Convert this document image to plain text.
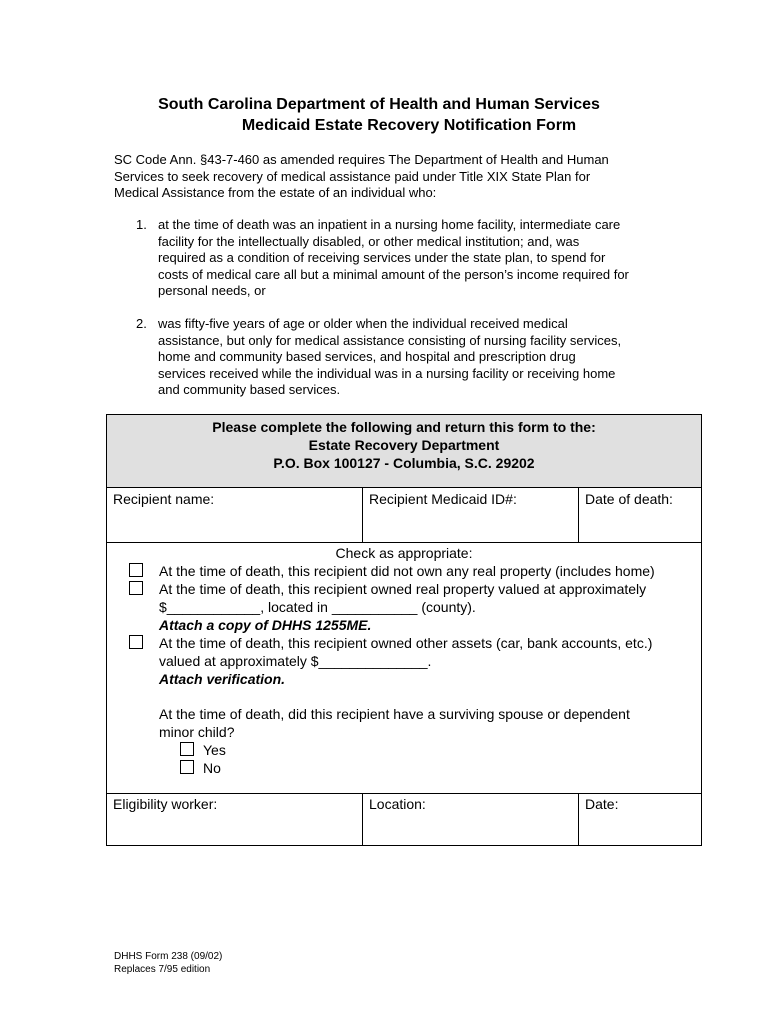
South Carolina Department of Health and Human Services
Medicaid Estate Recovery Notification Form
SC Code Ann. §43-7-460 as amended requires The Department of Health and Human
Services to seek recovery of medical assistance paid under Title XIX State Plan for
Medical Assistance from the estate of an individual who:
1. at the time of death was an inpatient in a nursing home facility, intermediate care
facility for the intellectually disabled, or other medical institution; and, was
required as a condition of receiving services under the state plan, to spend for
costs of medical care all but a minimal amount of the person’s income required for
personal needs, or
2. was fifty-five years of age or older when the individual received medical
assistance, but only for medical assistance consisting of nursing facility services,
home and community based services, and hospital and prescription drug
services received while the individual was in a nursing facility or receiving home
and community based services.
Please complete the following and return this form to the:
Estate Recovery Department
P.O. Box 100127 - Columbia, S.C. 29202
Recipient name:	Recipient Medicaid ID#:	Date of death:
Check as appropriate:
At the time of death, this recipient did not own any real property (includes home)
At the time of death, this recipient owned real property valued at approximately
$____________, located in ___________ (county).
Attach a copy of DHHS 1255ME.
At the time of death, this recipient owned other assets (car, bank accounts, etc.)
valued at approximately $______________.
Attach verification.
At the time of death, did this recipient have a surviving spouse or dependent
minor child?
Yes
No
Eligibility worker:	Location:	Date:
DHHS Form 238 (09/02)
Replaces 7/95 edition
